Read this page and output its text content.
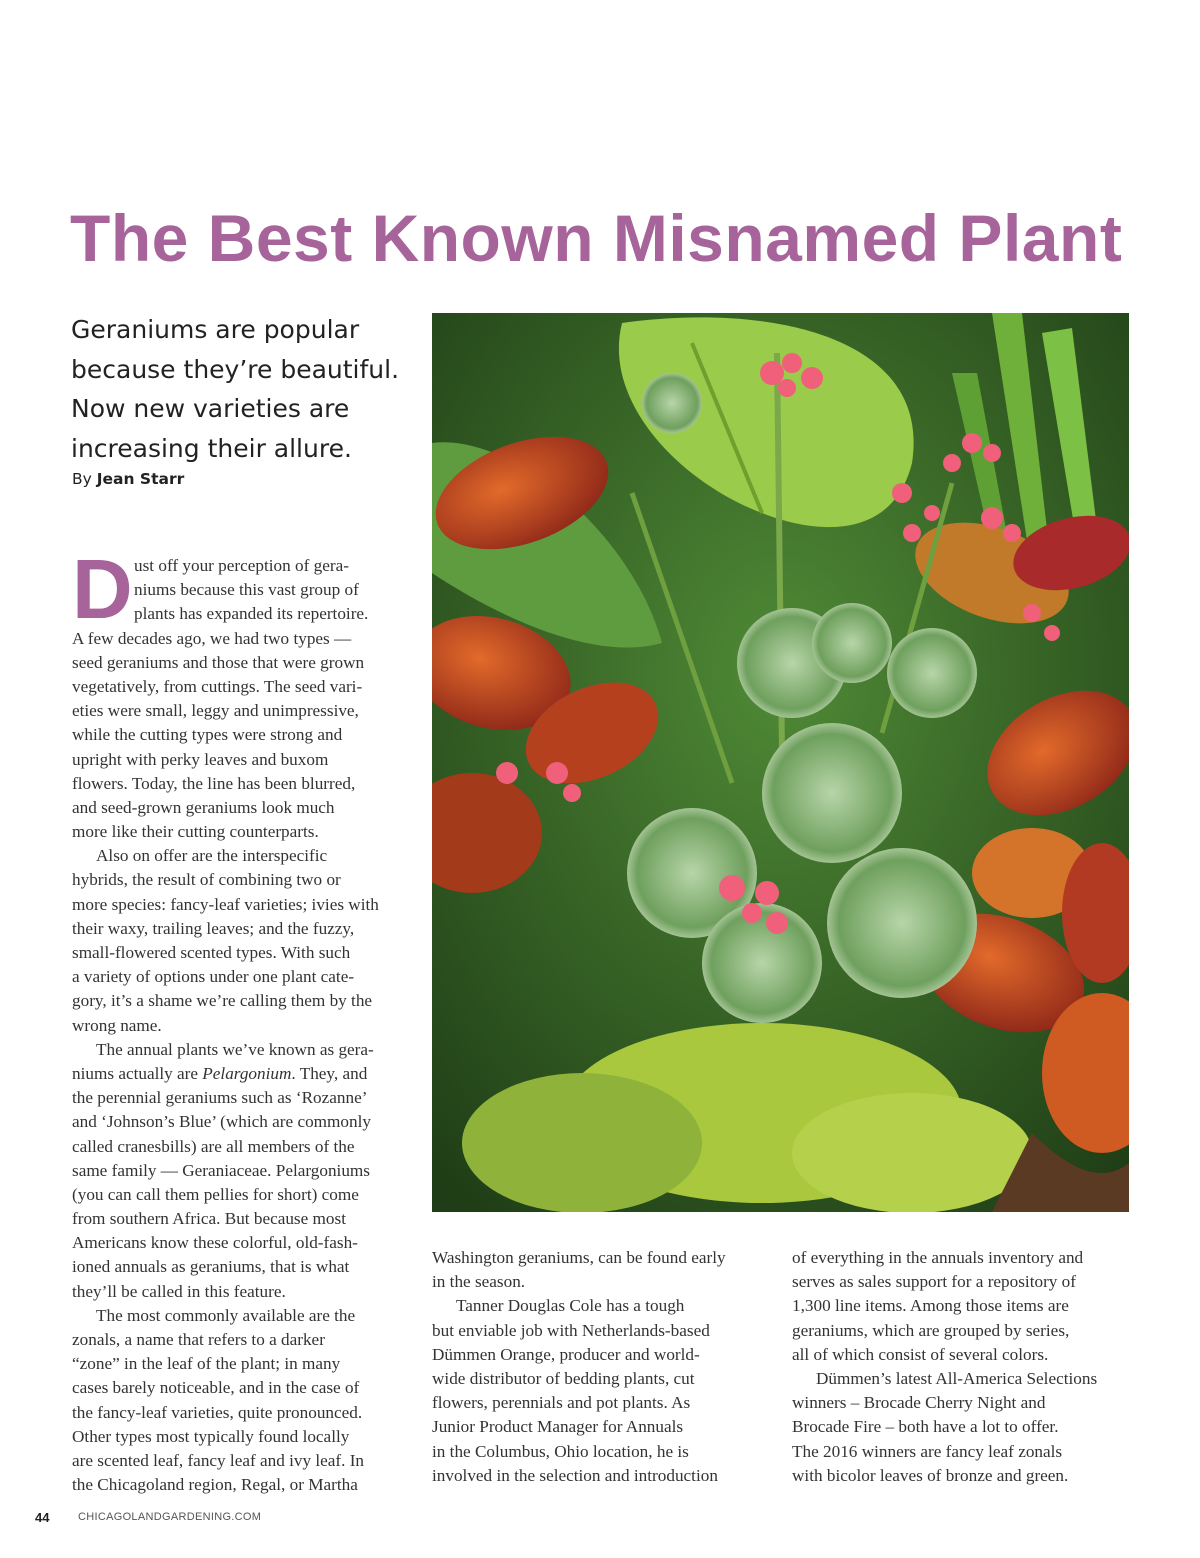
The Best Known Misnamed Plant
Geraniums are popular
because they’re beautiful.
Now new varieties are
increasing their allure.
By Jean Starr
D ust off your perception of gera-
niums because this vast group of
plants has expanded its repertoire.
A few decades ago, we had two types —
seed geraniums and those that were grown
vegetatively, from cuttings. The seed vari-
eties were small, leggy and unimpressive,
while the cutting types were strong and
upright with perky leaves and buxom
flowers. Today, the line has been blurred,
and seed-grown geraniums look much
more like their cutting counterparts.
Also on offer are the interspecific
hybrids, the result of combining two or
more species: fancy-leaf varieties; ivies with
their waxy, trailing leaves; and the fuzzy,
small-flowered scented types. With such
a variety of options under one plant cate-
gory, it’s a shame we’re calling them by the
wrong name.
The annual plants we’ve known as gera-
niums actually are Pelargonium. They, and
the perennial geraniums such as ‘Rozanne’
and ‘Johnson’s Blue’ (which are commonly
called cranesbills) are all members of the
same family — Geraniaceae. Pelargoniums
(you can call them pellies for short) come
from southern Africa. But because most
Americans know these colorful, old-fash-
ioned annuals as geraniums, that is what
they’ll be called in this feature.
The most commonly available are the
zonals, a name that refers to a darker
“zone” in the leaf of the plant; in many
cases barely noticeable, and in the case of
the fancy-leaf varieties, quite pronounced.
Other types most typically found locally
are scented leaf, fancy leaf and ivy leaf. In
the Chicagoland region, Regal, or Martha
Washington geraniums, can be found early
in the season.
Tanner Douglas Cole has a tough
but enviable job with Netherlands-based
Dümmen Orange, producer and world-
wide distributor of bedding plants, cut
flowers, perennials and pot plants. As
Junior Product Manager for Annuals
in the Columbus, Ohio location, he is
involved in the selection and introduction
of everything in the annuals inventory and
serves as sales support for a repository of
1,300 line items. Among those items are
geraniums, which are grouped by series,
all of which consist of several colors.
Dümmen’s latest All-America Selections
winners – Brocade Cherry Night and
Brocade Fire – both have a lot to offer.
The 2016 winners are fancy leaf zonals
with bicolor leaves of bronze and green.
44	CHICAGOLANDGARDENING.COM
